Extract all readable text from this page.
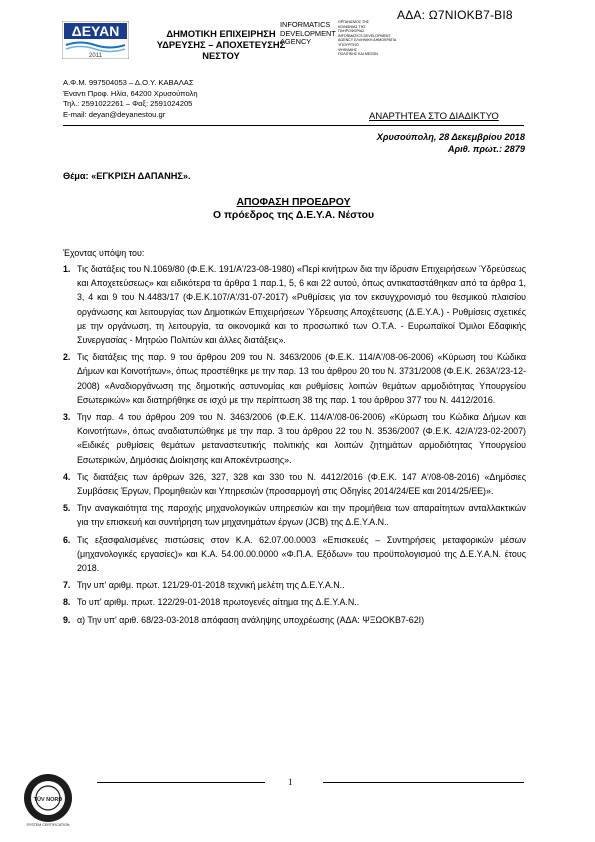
ΑΔΑ: Ω7ΝΙΟΚΒ7-ΒΙ8
ΔΕΥΑΝ
2011
ΔΗΜΟΤΙΚΗ ΕΠΙΧΕΙΡΗΣΗ
ΥΔΡΕΥΣΗΣ – ΑΠΟΧΕΤΕΥΣΗΣ
ΝΕΣΤΟΥ
INFORMATICS
DEVELOPMENT
AGENCY
ΟΡΓΑΝΙΣΜΟΣ ΤΗΣ
ΚΟΙΝΩΝΙΑΣ ΤΗΣ
ΠΛΗΡΟΦΟΡΙΑΣ
INFORMATICS DEVELOPMENT
AGENCY ΕΛΛΗΝΙΚΗ ΔΗΜΟΚΡΑΤΙΑ
ΥΠΟΥΡΓΕΙΟ
ΨΗΦΙΑΚΗΣ
ΠΟΛΙΤΙΚΗΣ ΚΑΙ ΜΕΣΩΝ
Α.Φ.Μ. 997504053 – Δ.Ο.Υ. ΚΑΒΑΛΑΣ
Έναντι Προφ. Ηλία, 64200 Χρυσούπολη
Τηλ.: 2591022261 – Φαξ: 2591024205
E-mail: deyan@deyanestou.gr	ΑΝΑΡΤΗΤΕΑ ΣΤΟ ΔΙΑΔΙΚΤΥΟ
Χρυσούπολη, 28 Δεκεμβρίου 2018
Αριθ. πρωτ.: 2879
Θέμα: «ΕΓΚΡΙΣΗ ΔΑΠΑΝΗΣ».
ΑΠΟΦΑΣΗ ΠΡΟΕΔΡΟΥ
Ο πρόεδρος της Δ.Ε.Υ.Α. Νέστου
Έχοντας υπόψη του:
1. Τις διατάξεις του Ν.1069/80 (Φ.Ε.Κ. 191/Α'/23-08-1980) «Περί κινήτρων δια την ίδρυσιν Επιχειρήσεων Ύδρεύσεως και Αποχετεύσεως» και ειδικότερα τα άρθρα 1 παρ.1, 5, 6 και 22 αυτού, όπως αντικαταστάθηκαν από τα άρθρα 1, 3, 4 και 9 του Ν.4483/17 (Φ.Ε.Κ.107/Α'/31-07-2017) «Ρυθμίσεις για τον εκσυγχρονισμό του θεσμικού πλαισίου οργάνωσης και λειτουργίας των Δημοτικών Επιχειρήσεων Ύδρευσης Αποχέτευσης (Δ.Ε.Υ.Α.) - Ρυθμίσεις σχετικές με την οργάνωση, τη λειτουργία, τα οικονομικά και το προσωπικό των Ο.Τ.Α. - Ευρωπαϊκοί Όμιλοι Εδαφικής Συνεργασίας - Μητρώο Πολιτών και άλλες διατάξεις».
2. Τις διατάξεις της παρ. 9 του άρθρου 209 του Ν. 3463/2006 (Φ.Ε.Κ. 114/Α'/08-06-2006) «Κύρωση του Κώδικα Δήμων και Κοινοτήτων», όπως προστέθηκε με την παρ. 13 του άρθρου 20 του Ν. 3731/2008 (Φ.Ε.Κ. 263Α'/23-12-2008) «Αναδιοργάνωση της δημοτικής αστυνομίας και ρυθμίσεις λοιπών θεμάτων αρμοδιότητας Υπουργείου Εσωτερικών» και διατηρήθηκε σε ισχύ με την περίπτωση 38 της παρ. 1 του άρθρου 377 του Ν. 4412/2016.
3. Την παρ. 4 του άρθρου 209 του Ν. 3463/2006 (Φ.Ε.Κ. 114/Α'/08-06-2006) «Κύρωση του Κώδικα Δήμων και Κοινοτήτων», όπως αναδιατυπώθηκε με την παρ. 3 του άρθρου 22 του Ν. 3536/2007 (Φ.Ε.Κ. 42/Α'/23-02-2007) «Ειδικές ρυθμίσεις θεμάτων μεταναστευτικής πολιτικής και λοιπών ζητημάτων αρμοδιότητας Υπουργείου Εσωτερικών, Δημόσιας Διοίκησης και Αποκέντρωσης».
4. Τις διατάξεις των άρθρων 326, 327, 328 και 330 του Ν. 4412/2016 (Φ.Ε.Κ. 147 Α'/08-08-2016) «Δημόσιες Συμβάσεις Έργων, Προμηθειών και Υπηρεσιών (προσαρμογή στις Οδηγίες 2014/24/ΕΕ και 2014/25/ΕΕ)».
5. Την αναγκαιότητα της παροχής μηχανολογικών υπηρεσιών και την προμήθεια των απαραίτητων ανταλλακτικών για την επισκευή και συντήρηση των μηχανημάτων έργων (JCB) της Δ.Ε.Υ.Α.Ν..
6. Τις εξασφαλισμένες πιστώσεις στον Κ.Α. 62.07.00.0003 «Επισκευές – Συντηρήσεις μεταφορικών μέσων (μηχανολογικές εργασίες)» και Κ.Α. 54.00.00.0000 «Φ.Π.Α. Εξόδων» του προϋπολογισμού της Δ.Ε.Υ.Α.Ν. έτους 2018.
7. Την υπ' αριθμ. πρωτ. 121/29-01-2018 τεχνική μελέτη της Δ.Ε.Υ.Α.Ν..
8. Το υπ' αριθμ. πρωτ. 122/29-01-2018 πρωτογενές αίτημα της Δ.Ε.Υ.Α.Ν..
9. α) Την υπ' αριθ. 68/23-03-2018 απόφαση ανάληψης υποχρέωσης (ΑΔΑ: ΨΞΩΟΚΒ7-62Ι)
ΤÜV NORD
SYSTEM CERTIFICATION
1
